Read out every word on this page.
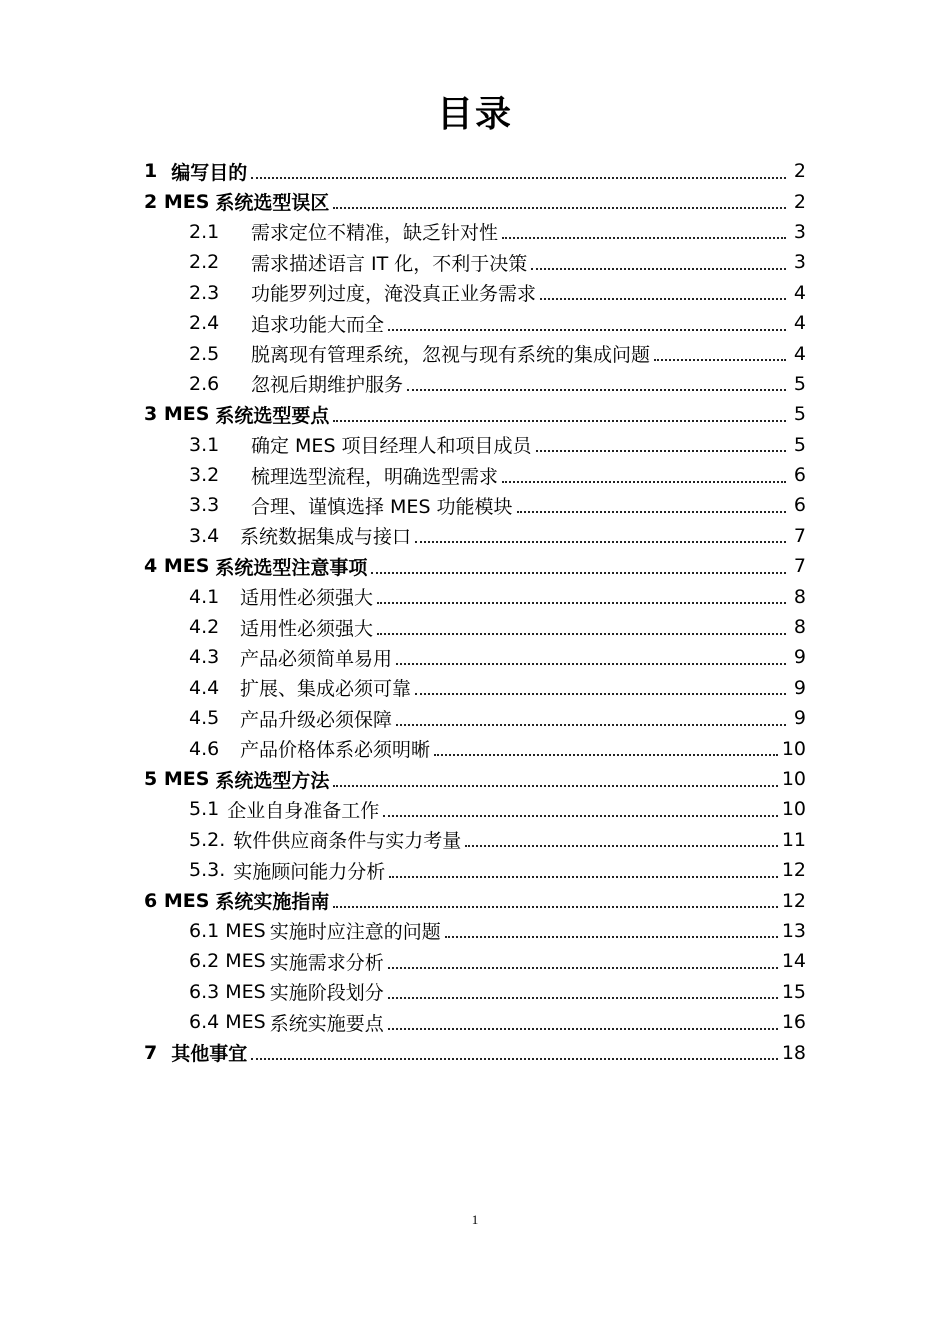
目录
1 编写目的	2
2 MES 系统选型误区	2
2.1	需求定位不精准，缺乏针对性	3
2.2	需求描述语言 IT 化，不利于决策	3
2.3	功能罗列过度，淹没真正业务需求	4
2.4	追求功能大而全	4
2.5	脱离现有管理系统，忽视与现有系统的集成问题	4
2.6	忽视后期维护服务	5
3 MES 系统选型要点	5
3.1	确定 MES 项目经理人和项目成员	5
3.2	梳理选型流程，明确选型需求	6
3.3	合理、谨慎选择 MES 功能模块	6
3.4	系统数据集成与接口	7
4 MES 系统选型注意事项	7
4.1	适用性必须强大	8
4.2	适用性必须强大	8
4.3	产品必须简单易用	9
4.4	扩展、集成必须可靠	9
4.5	产品升级必须保障	9
4.6	产品价格体系必须明晰	10
5 MES 系统选型方法	10
5.1 企业自身准备工作	10
5.2. 软件供应商条件与实力考量	11
5.3. 实施顾问能力分析	12
6 MES 系统实施指南	12
6.1 MES 实施时应注意的问题	13
6.2 MES 实施需求分析	14
6.3 MES 实施阶段划分	15
6.4 MES 系统实施要点	16
7 其他事宜	18
1
